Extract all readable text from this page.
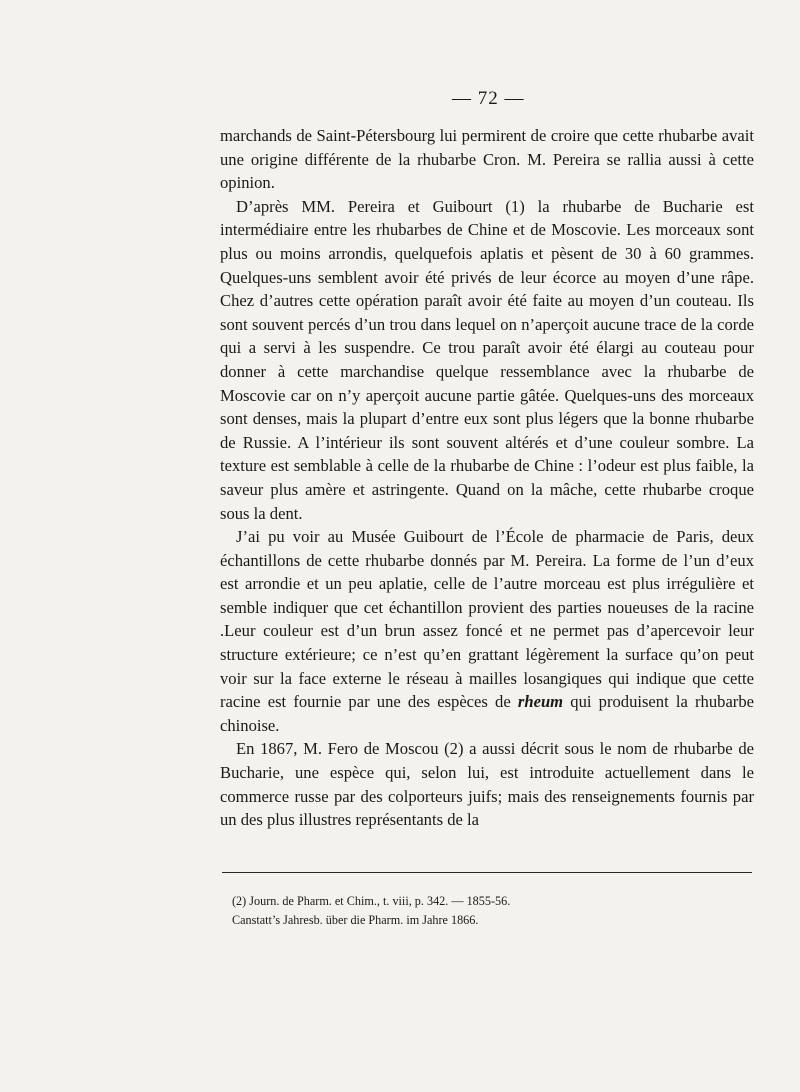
— 72 —

marchands de Saint-Pétersbourg lui permirent de croire que cette rhubarbe avait une origine différente de la rhubarbe Cron. M. Pereira se rallia aussi à cette opinion.

D’après MM. Pereira et Guibourt (1) la rhubarbe de Bucharie est intermédiaire entre les rhubarbes de Chine et de Moscovie. Les morceaux sont plus ou moins arrondis, quelquefois aplatis et pèsent de 30 à 60 grammes. Quelques-uns semblent avoir été privés de leur écorce au moyen d’une râpe. Chez d’autres cette opération paraît avoir été faite au moyen d’un couteau. Ils sont souvent percés d’un trou dans lequel on n’aperçoit aucune trace de la corde qui a servi à les suspendre. Ce trou paraît avoir été élargi au couteau pour donner à cette marchandise quelque ressemblance avec la rhubarbe de Moscovie car on n’y aperçoit aucune partie gâtée. Quelques-uns des morceaux sont denses, mais la plupart d’entre eux sont plus légers que la bonne rhubarbe de Russie. A l’intérieur ils sont souvent altérés et d’une couleur sombre. La texture est semblable à celle de la rhubarbe de Chine : l’odeur est plus faible, la saveur plus amère et astringente. Quand on la mâche, cette rhubarbe croque sous la dent.

J’ai pu voir au Musée Guibourt de l’École de pharmacie de Paris, deux échantillons de cette rhubarbe donnés par M. Pereira. La forme de l’un d’eux est arrondie et un peu aplatie, celle de l’autre morceau est plus irrégulière et semble indiquer que cet échantillon provient des parties noueuses de la racine .Leur couleur est d’un brun assez foncé et ne permet pas d’apercevoir leur structure extérieure; ce n’est qu’en grattant légèrement la surface qu’on peut voir sur la face externe le réseau à mailles losangiques qui indique que cette racine est fournie par une des espèces de rheum qui produisent la rhubarbe chinoise.

En 1867, M. Fero de Moscou (2) a aussi décrit sous le nom de rhubarbe de Bucharie, une espèce qui, selon lui, est introduite actuellement dans le commerce russe par des colporteurs juifs; mais des renseignements fournis par un des plus illustres représentants de la

(2) Journ. de Pharm. et Chim., t. viii, p. 342. — 1855-56.
Canstatt’s Jahresb. über die Pharm. im Jahre 1866.
